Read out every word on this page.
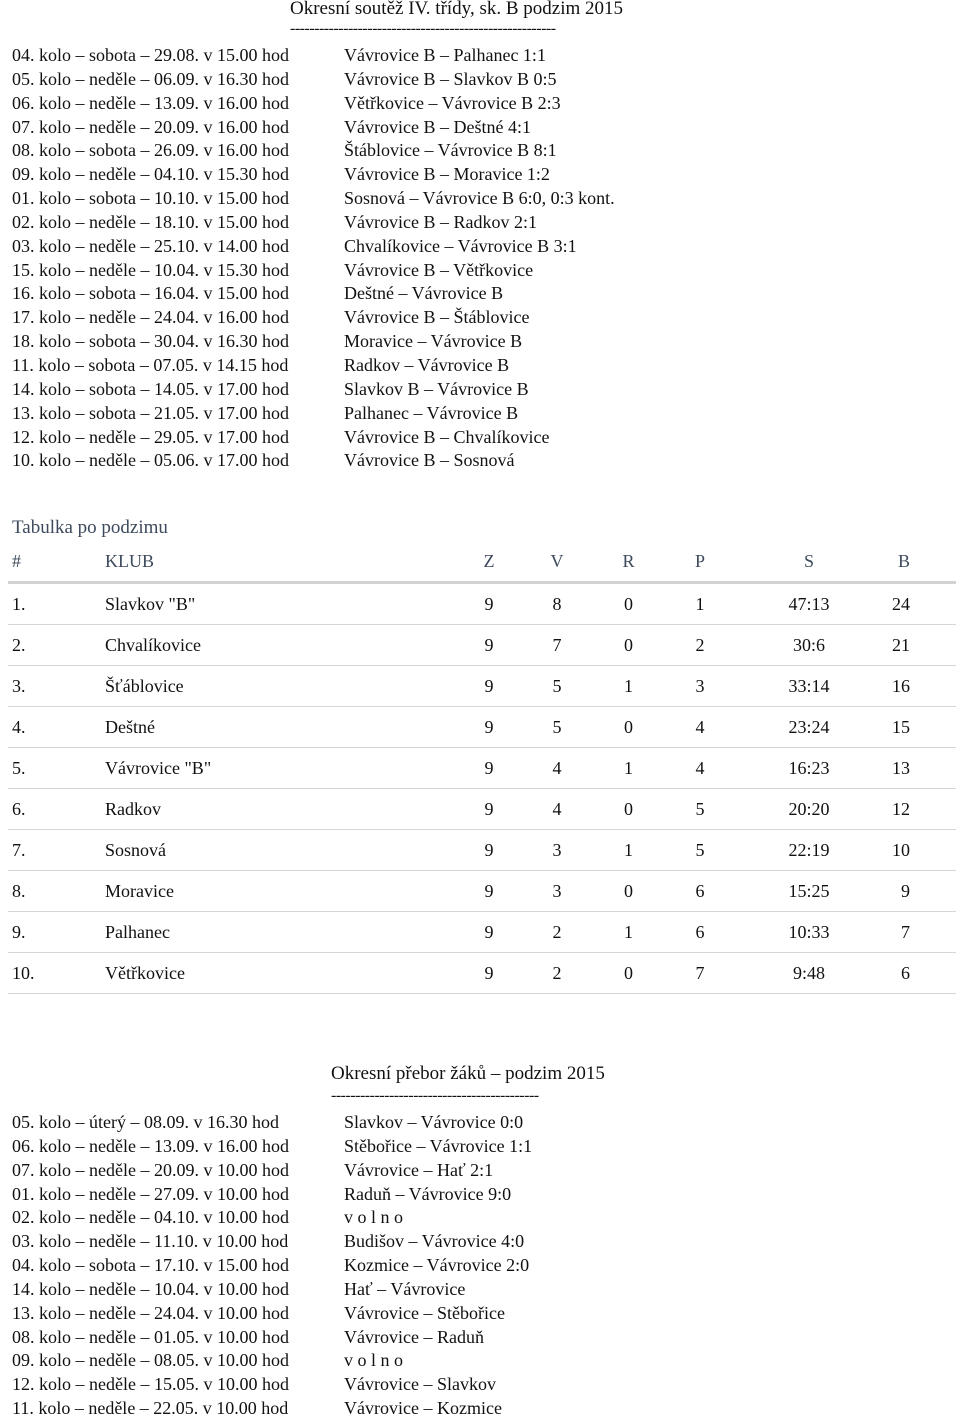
Okresní soutěž IV. třídy, sk. B podzim 2015
-------------------------------------------------------
04. kolo – sobota – 29.08. v 15.00 hod	Vávrovice B – Palhanec 1:1
05. kolo – neděle – 06.09. v 16.30 hod	Vávrovice B – Slavkov B 0:5
06. kolo – neděle – 13.09. v 16.00 hod	Větřkovice – Vávrovice B 2:3
07. kolo – neděle – 20.09. v 16.00 hod	Vávrovice B – Deštné 4:1
08. kolo – sobota – 26.09. v 16.00 hod	Štáblovice – Vávrovice B 8:1
09. kolo – neděle – 04.10. v 15.30 hod	Vávrovice B – Moravice 1:2
01. kolo – sobota – 10.10. v 15.00 hod	Sosnová – Vávrovice B 6:0, 0:3 kont.
02. kolo – neděle – 18.10. v 15.00 hod	Vávrovice B – Radkov 2:1
03. kolo – neděle – 25.10. v 14.00 hod	Chvalíkovice – Vávrovice B 3:1
15. kolo – neděle – 10.04. v 15.30 hod	Vávrovice B – Větřkovice
16. kolo – sobota – 16.04. v 15.00 hod	Deštné – Vávrovice B
17. kolo – neděle – 24.04. v 16.00 hod	Vávrovice B – Štáblovice
18. kolo – sobota – 30.04. v 16.30 hod	Moravice – Vávrovice B
11. kolo – sobota – 07.05. v 14.15 hod	Radkov – Vávrovice B
14. kolo – sobota – 14.05. v 17.00 hod	Slavkov B – Vávrovice B
13. kolo – sobota – 21.05. v 17.00 hod	Palhanec – Vávrovice B
12. kolo – neděle – 29.05. v 17.00 hod	Vávrovice B – Chvalíkovice
10. kolo – neděle – 05.06. v 17.00 hod	Vávrovice B – Sosnová
Tabulka po podzimu
#	KLUB	Z	V	R	P	S	B
1.	Slavkov "B"	9	8	0	1	47:13	24
2.	Chvalíkovice	9	7	0	2	30:6	21
3.	Šťáblovice	9	5	1	3	33:14	16
4.	Deštné	9	5	0	4	23:24	15
5.	Vávrovice "B"	9	4	1	4	16:23	13
6.	Radkov	9	4	0	5	20:20	12
7.	Sosnová	9	3	1	5	22:19	10
8.	Moravice	9	3	0	6	15:25	9
9.	Palhanec	9	2	1	6	10:33	7
10.	Větřkovice	9	2	0	7	9:48	6
Okresní přebor žáků – podzim 2015
-------------------------------------------
05. kolo – úterý – 08.09. v 16.30 hod	Slavkov – Vávrovice 0:0
06. kolo – neděle – 13.09. v 16.00 hod	Stěbořice – Vávrovice 1:1
07. kolo – neděle – 20.09. v 10.00 hod	Vávrovice – Hať 2:1
01. kolo – neděle – 27.09. v 10.00 hod	Raduň – Vávrovice 9:0
02. kolo – neděle – 04.10. v 10.00 hod	v o l n o
03. kolo – neděle – 11.10. v 10.00 hod	Budišov – Vávrovice 4:0
04. kolo – sobota – 17.10. v 15.00 hod	Kozmice – Vávrovice 2:0
14. kolo – neděle – 10.04. v 10.00 hod	Hať – Vávrovice
13. kolo – neděle – 24.04. v 10.00 hod	Vávrovice – Stěbořice
08. kolo – neděle – 01.05. v 10.00 hod	Vávrovice – Raduň
09. kolo – neděle – 08.05. v 10.00 hod	v o l n o
12. kolo – neděle – 15.05. v 10.00 hod	Vávrovice – Slavkov
11. kolo – neděle – 22.05. v 10.00 hod	Vávrovice – Kozmice
